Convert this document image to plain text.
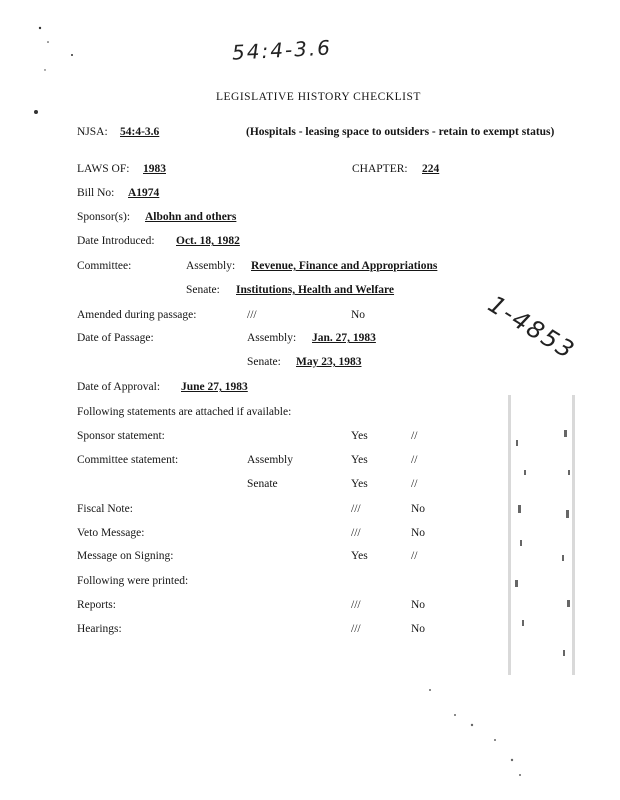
54:4-3.6
1-4853
LEGISLATIVE HISTORY CHECKLIST
NJSA: 54:4-3.6	(Hospitals - leasing space to outsiders - retain to exempt status)
LAWS OF: 1983	CHAPTER: 224
Bill No: A1974
Sponsor(s): Albohn and others
Date Introduced: Oct. 18, 1982
Committee:	Assembly: Revenue, Finance and Appropriations
Senate: Institutions, Health and Welfare
Amended during passage:	///	No
Date of Passage:	Assembly: Jan. 27, 1983
Senate: May 23, 1983
Date of Approval: June 27, 1983
Following statements are attached if available:
Sponsor statement:	Yes	//
Committee statement:	Assembly	Yes	//
Senate	Yes	//
Fiscal Note:	///	No
Veto Message:	///	No
Message on Signing:	Yes	//
Following were printed:
Reports:	///	No
Hearings:	///	No
